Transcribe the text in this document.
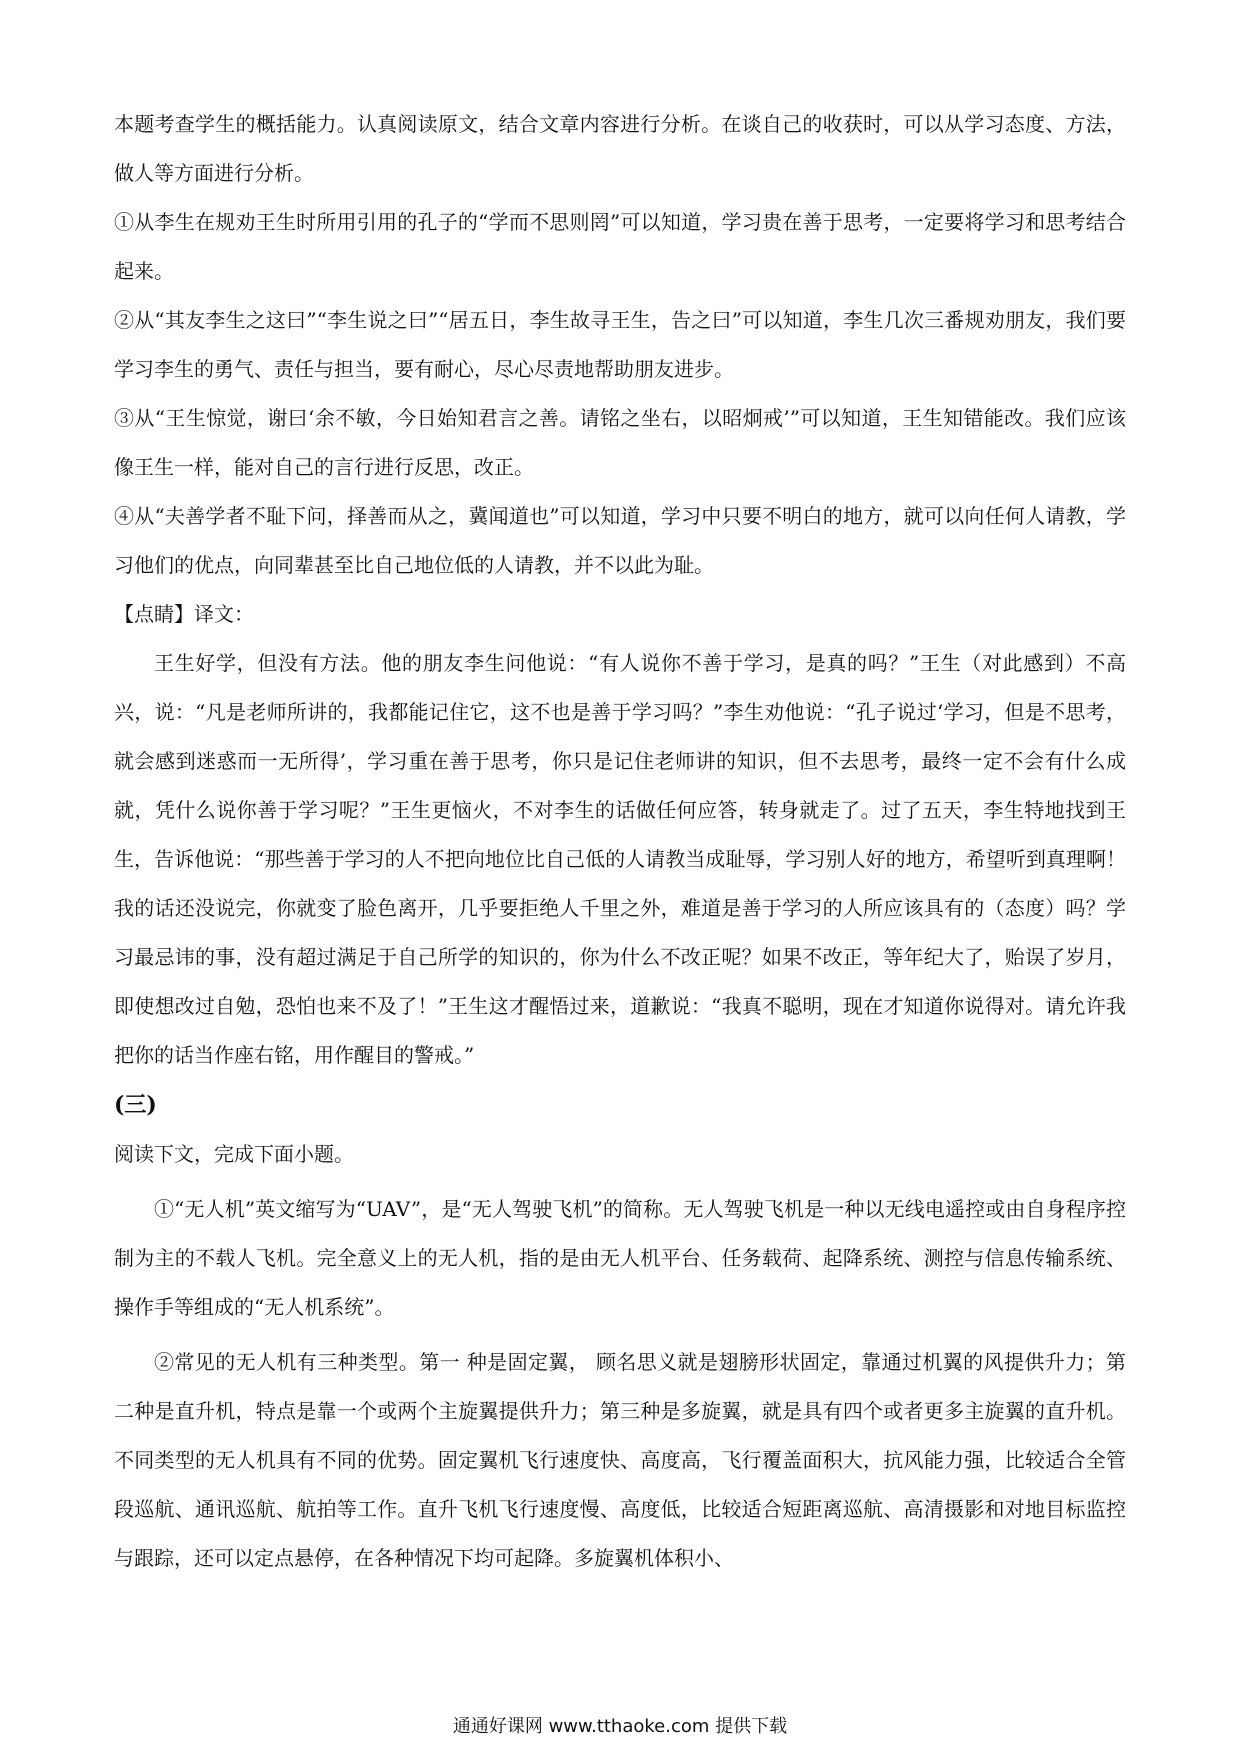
本题考查学生的概括能力。认真阅读原文，结合文章内容进行分析。在谈自己的收获时，可以从学习态度、方法，做人等方面进行分析。

①从李生在规劝王生时所用引用的孔子的“学而不思则罔”可以知道，学习贵在善于思考，一定要将学习和思考结合起来。

②从“其友李生之这曰”“李生说之曰”“居五日，李生故寻王生，告之曰”可以知道，李生几次三番规劝朋友，我们要学习李生的勇气、责任与担当，要有耐心，尽心尽责地帮助朋友进步。

③从“王生惊觉，谢曰‘余不敏，今日始知君言之善。请铭之坐右，以昭炯戒’”可以知道，王生知错能改。我们应该像王生一样，能对自己的言行进行反思，改正。

④从“夫善学者不耻下问，择善而从之，冀闻道也”可以知道，学习中只要不明白的地方，就可以向任何人请教，学习他们的优点，向同辈甚至比自己地位低的人请教，并不以此为耻。

【点睛】译文：

王生好学，但没有方法。他的朋友李生问他说：“有人说你不善于学习，是真的吗？”王生（对此感到）不高兴，说：“凡是老师所讲的，我都能记住它，这不也是善于学习吗？”李生劝他说：“孔子说过‘学习，但是不思考，就会感到迷惑而一无所得’，学习重在善于思考，你只是记住老师讲的知识，但不去思考，最终一定不会有什么成就，凭什么说你善于学习呢？”王生更恼火，不对李生的话做任何应答，转身就走了。过了五天，李生特地找到王生，告诉他说：“那些善于学习的人不把向地位比自己低的人请教当成耻辱，学习别人好的地方，希望听到真理啊！我的话还没说完，你就变了脸色离开，几乎要拒绝人千里之外，难道是善于学习的人所应该具有的（态度）吗？学习最忌讳的事，没有超过满足于自己所学的知识的，你为什么不改正呢？如果不改正，等年纪大了，贻误了岁月，即使想改过自勉，恐怕也来不及了！”王生这才醒悟过来，道歉说：“我真不聪明，现在才知道你说得对。请允许我把你的话当作座右铭，用作醒目的警戒。”

(三)

阅读下文，完成下面小题。

①“无人机”英文缩写为“UAV”，是“无人驾驶飞机”的简称。无人驾驶飞机是一种以无线电遥控或由自身程序控制为主的不载人飞机。完全意义上的无人机，指的是由无人机平台、任务载荷、起降系统、测控与信息传输系统、操作手等组成的“无人机系统”。

②常见的无人机有三种类型。第一 种是固定翼， 顾名思义就是翅膀形状固定，靠通过机翼的风提供升力；第二种是直升机，特点是靠一个或两个主旋翼提供升力；第三种是多旋翼，就是具有四个或者更多主旋翼的直升机。不同类型的无人机具有不同的优势。固定翼机飞行速度快、高度高，飞行覆盖面积大，抗风能力强，比较适合全管段巡航、通讯巡航、航拍等工作。直升飞机飞行速度慢、高度低，比较适合短距离巡航、高清摄影和对地目标监控与跟踪，还可以定点悬停，在各种情况下均可起降。多旋翼机体积小、

通通好课网 www.tthaoke.com 提供下载
